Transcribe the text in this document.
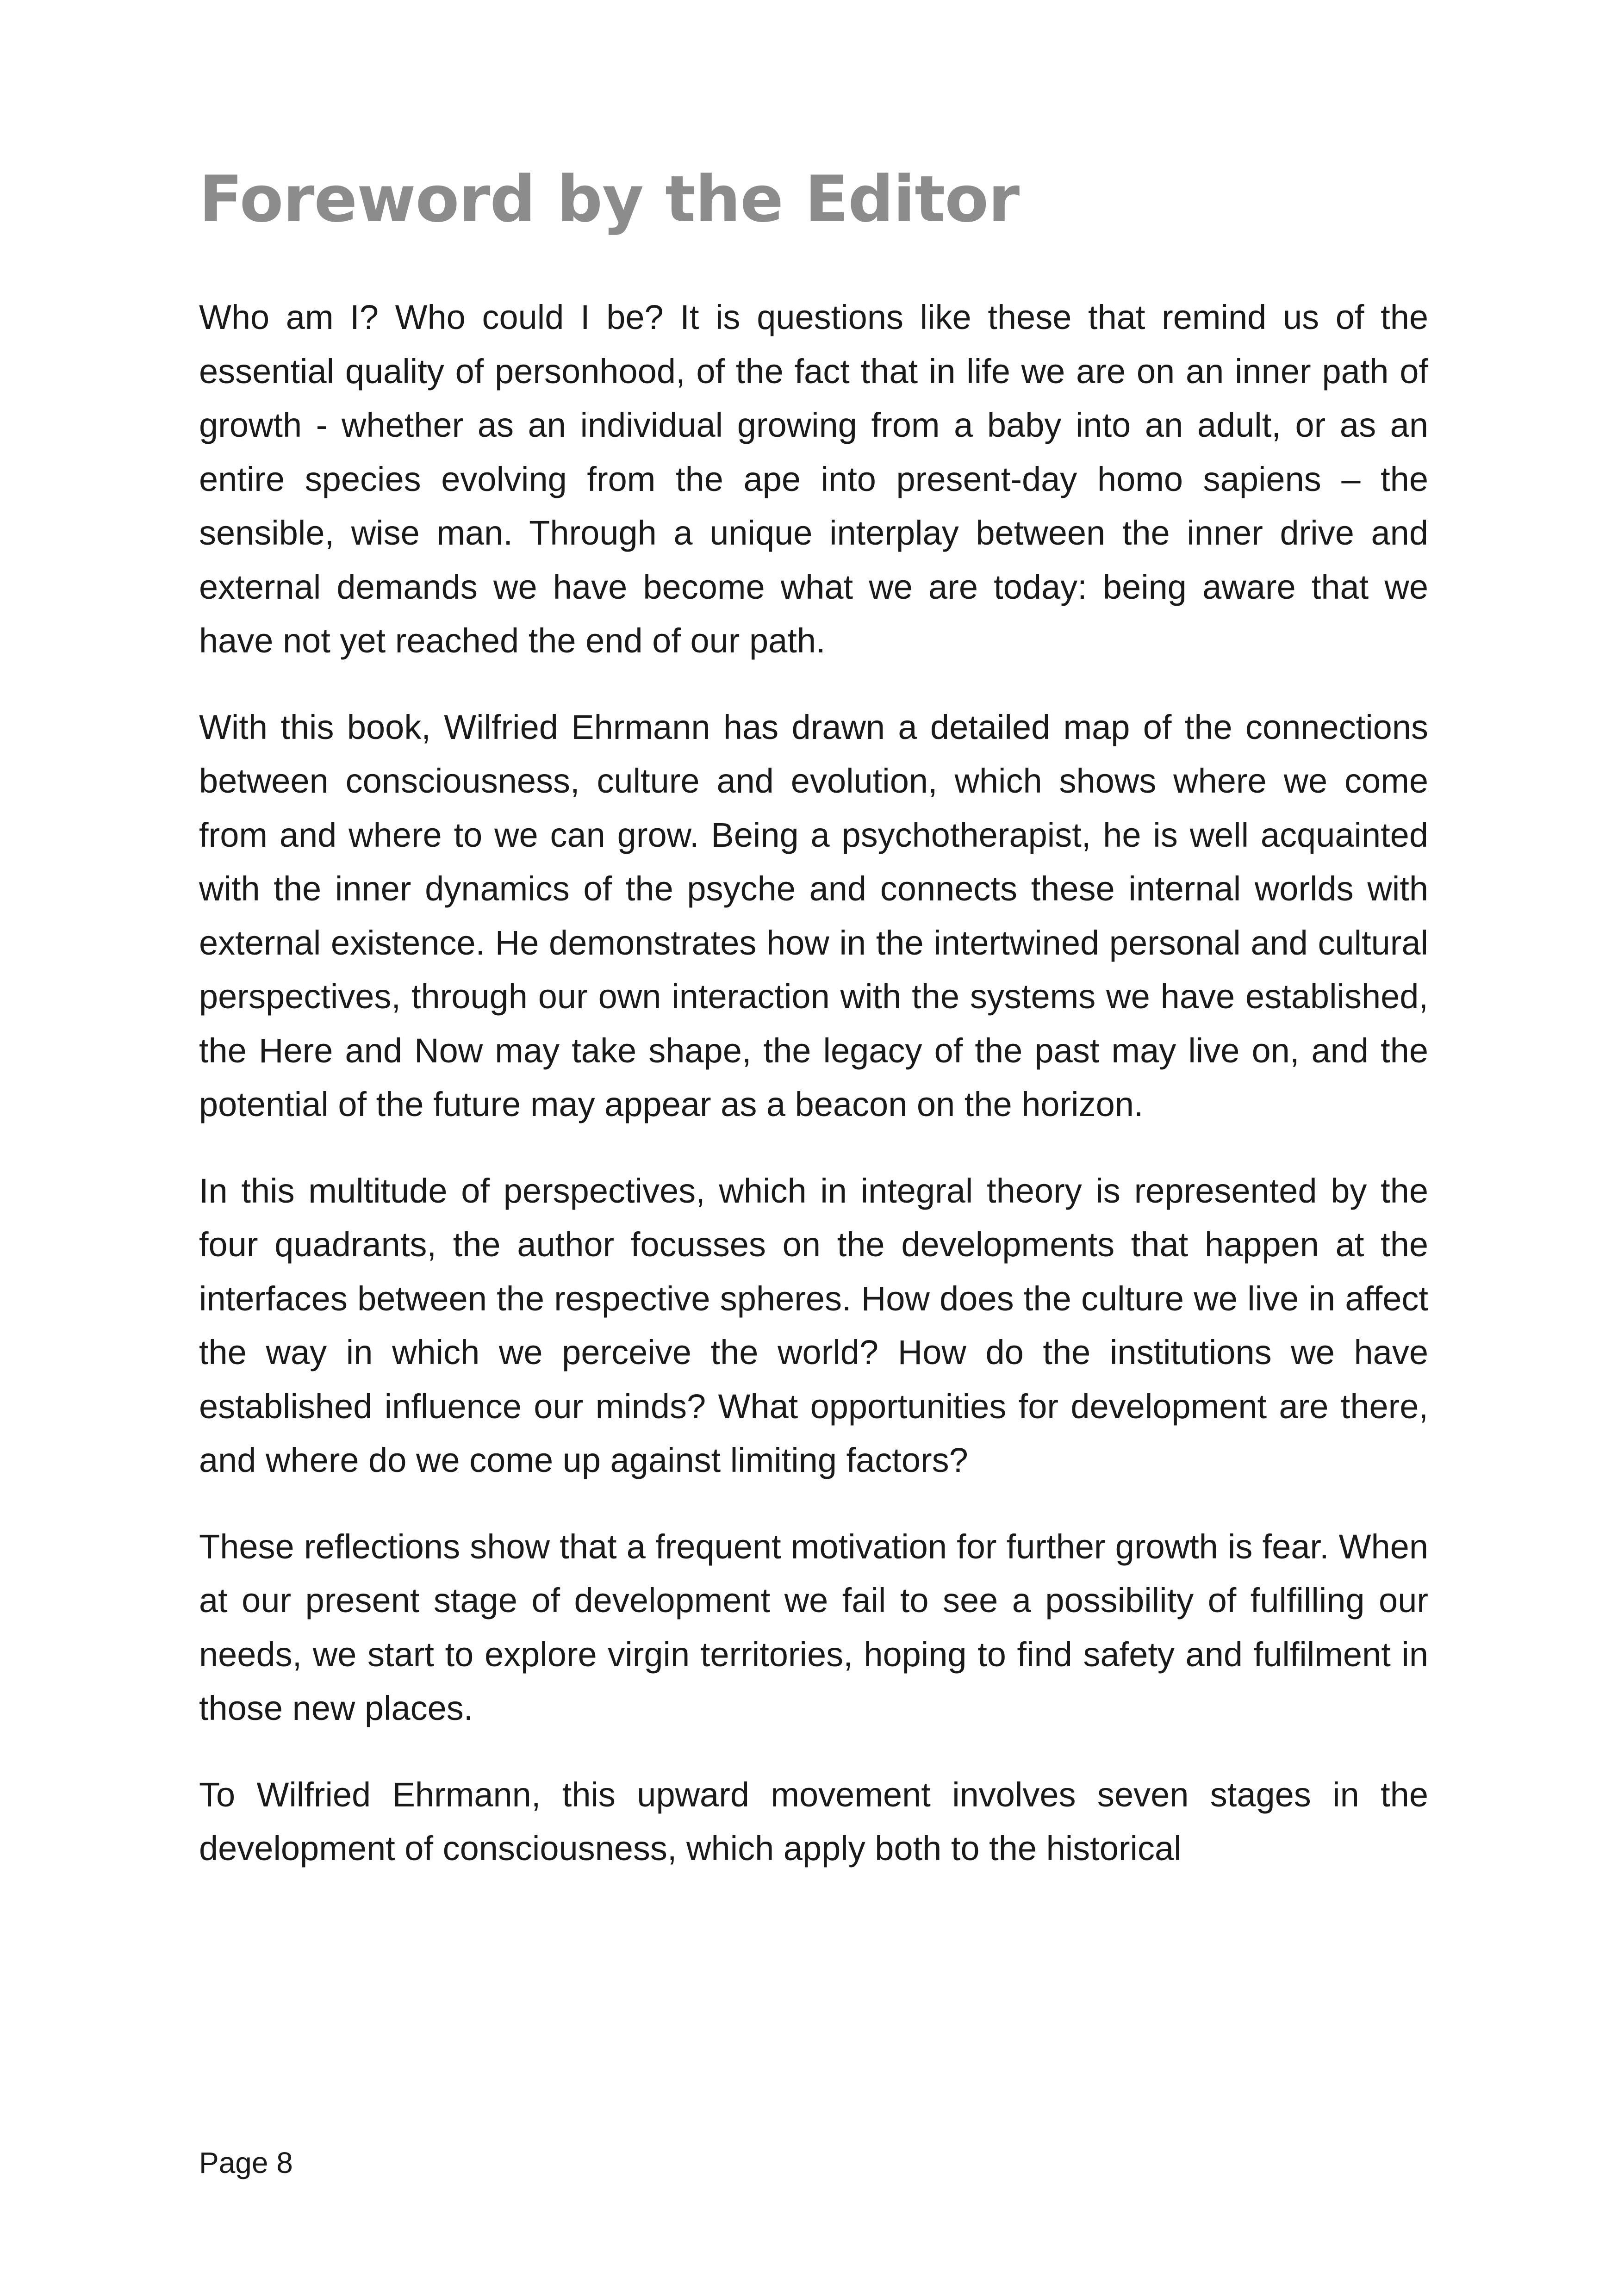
Foreword by the Editor

Who am I? Who could I be? It is questions like these that remind us of the essential quality of personhood, of the fact that in life we are on an inner path of growth - whether as an individual growing from a baby into an adult, or as an entire species evolving from the ape into present-day homo sapiens – the sensible, wise man. Through a unique interplay between the inner drive and external demands we have become what we are today: being aware that we have not yet reached the end of our path.

With this book, Wilfried Ehrmann has drawn a detailed map of the connections between consciousness, culture and evolution, which shows where we come from and where to we can grow. Being a psychotherapist, he is well acquainted with the inner dynamics of the psyche and connects these internal worlds with external existence. He demonstrates how in the intertwined personal and cultural perspectives, through our own interaction with the systems we have established, the Here and Now may take shape, the legacy of the past may live on, and the potential of the future may appear as a beacon on the horizon.

In this multitude of perspectives, which in integral theory is represented by the four quadrants, the author focusses on the developments that happen at the interfaces between the respective spheres. How does the culture we live in affect the way in which we perceive the world? How do the institutions we have established influence our minds? What opportunities for development are there, and where do we come up against limiting factors?

These reflections show that a frequent motivation for further growth is fear. When at our present stage of development we fail to see a possibility of fulfilling our needs, we start to explore virgin territories, hoping to find safety and fulfilment in those new places.

To Wilfried Ehrmann, this upward movement involves seven stages in the development of consciousness, which apply both to the historical

Page 8
